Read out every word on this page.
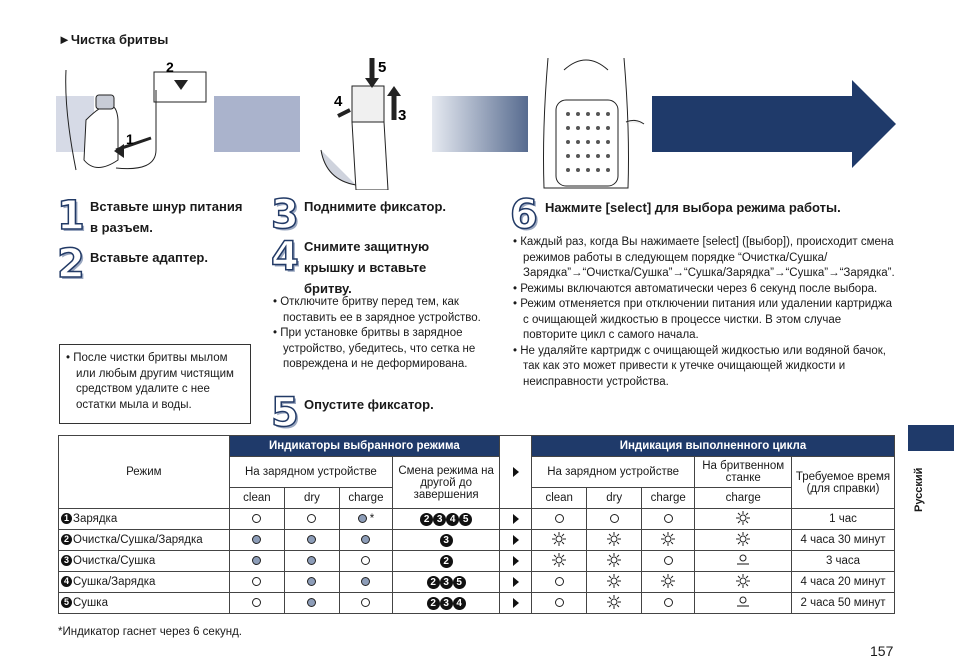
►Чистка бритвы
1
2	5
4
3
1
2
3
4
5
6
Вставьте шнур питания в разъем.
Вставьте адаптер.
Поднимите фиксатор.
Снимите защитную крышку и вставьте бритву.
Опустите фиксатор.
Нажмите [select] для выбора режима работы.

• После чистки бритвы мылом или любым другим чистящим средством удалите с нее остатки мыла и воды.

• Отключите бритву перед тем, как поставить ее в зарядное устройство.

• При установке бритвы в зарядное устройство, убедитесь, что сетка не повреждена и не деформирована.

• Каждый раз, когда Вы нажимаете [select] ([выбор]), происходит смена режимов работы в следующем порядке “Очистка/Сушка/Зарядка”→“Очистка/Сушка”→“Сушка/Зарядка”→“Сушка”→“Зарядка”.

• Режимы включаются автоматически через 6 секунд после выбора.

• Режим отменяется при отключении питания или удалении картриджа с очищающей жидкостью в процессе чистки. В этом случае повторите цикл с самого начала.

• Не удаляйте картридж с очищающей жидкостью или водяной бачок, так как это может привести к утечке очищающей жидкости и неисправности устройства.

Режим	Индикаторы выбранного режима					Индикация выполненного цикла				
	На зарядном устройстве			Смена режима на другой до завершения		На зарядном устройстве			На бритвенном станке	Требуемое время (для справки)
	clean	dry	charge			clean	dry	charge	charge	
1 Зарядка			*	2 3 4 5						1 час
2 Очистка/Сушка/Зарядка				3						4 часа 30 минут
3 Очистка/Сушка				2						3 часа
4 Сушка/Зарядка				2 3 5						4 часа 20 минут
5 Сушка				2 3 4						2 часа 50 минут
*Индикатор гаснет через 6 секунд.
Русский
157
